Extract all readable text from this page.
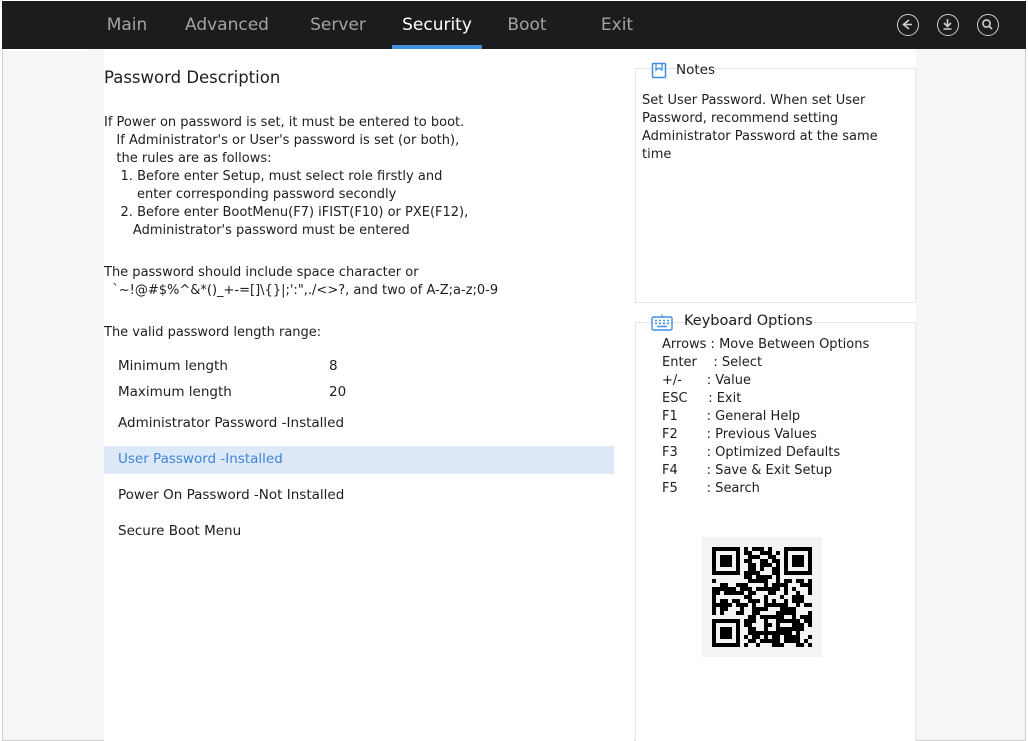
Main	Advanced	Server	Security	Boot	Exit
Password Description
If Power on password is set, it must be entered to boot.
If Administrator's or User's password is set (or both),
the rules are as follows:
1. Before enter Setup, must select role firstly and
enter corresponding password secondly
2. Before enter BootMenu(F7) iFIST(F10) or PXE(F12),
Administrator's password must be entered
The password should include space character or
`~!@#$%^&*()_+-=[]\{}|;':",./<>?, and two of A-Z;a-z;0-9
The valid password length range:
Minimum length	8
Maximum length	20
Administrator Password -Installed
User Password -Installed
Power On Password -Not Installed
Secure Boot Menu
Notes
Set User Password. When set User Password, recommend setting Administrator Password at the same time
Keyboard Options
Arrows : Move Between Options
Enter    : Select
+/-      : Value
ESC     : Exit
F1       : General Help
F2       : Previous Values
F3       : Optimized Defaults
F4       : Save & Exit Setup
F5       : Search
